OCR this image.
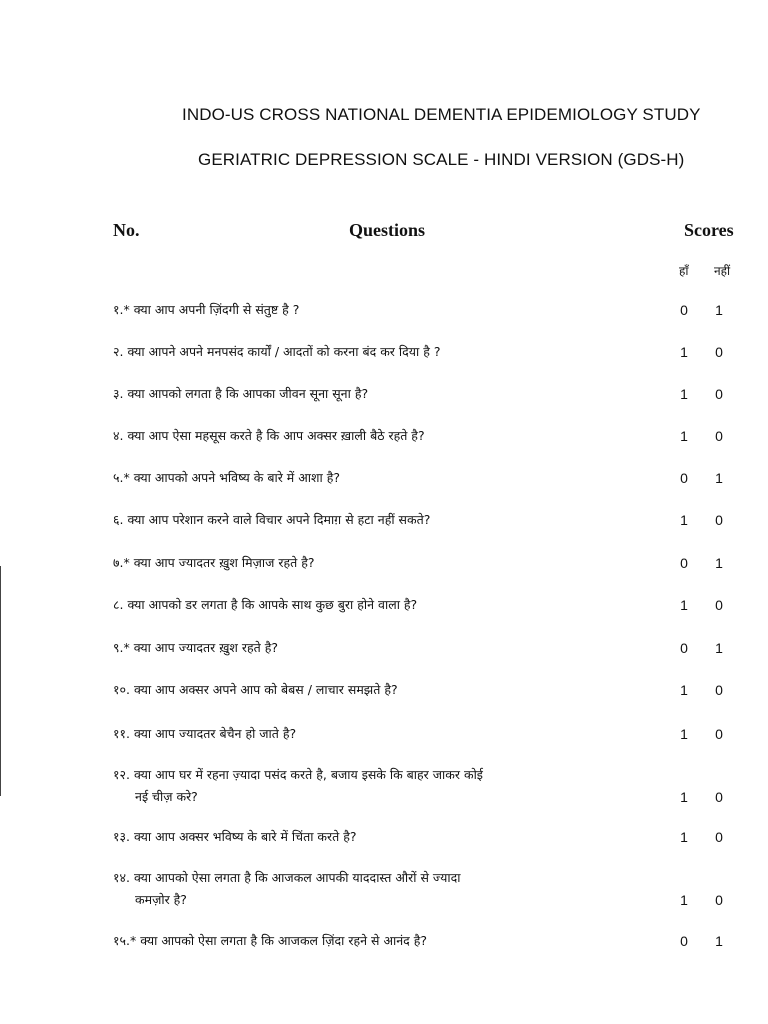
INDO-US CROSS NATIONAL DEMENTIA EPIDEMIOLOGY STUDY
GERIATRIC DEPRESSION SCALE - HINDI VERSION (GDS-H)
No.	Questions	Scores
हाँ नहीं
१.* क्या आप अपनी ज़िंदगी से संतुष्ट है ?	0 1
२. क्या आपने अपने मनपसंद कार्यों / आदतों को करना बंद कर दिया है ?	1 0
३. क्या आपको लगता है कि आपका जीवन सूना सूना है?	1 0
४. क्या आप ऐसा महसूस करते है कि आप अक्सर ख़ाली बैठे रहते है?	1 0
५.* क्या आपको अपने भविष्य के बारे में आशा है?	0 1
६. क्या आप परेशान करने वाले विचार अपने दिमाग़ से हटा नहीं सकते?	1 0
७.* क्या आप ज्यादतर ख़ुश मिज़ाज रहते है?	0 1
८. क्या आपको डर लगता है कि आपके साथ कुछ बुरा होने वाला है?	1 0
९.* क्या आप ज्यादतर ख़ुश रहते है?	0 1
१०. क्या आप अक्सर अपने आप को बेबस / लाचार समझते है?	1 0
११. क्या आप ज्यादतर बेचैन हो जाते है?	1 0
१२. क्या आप घर में रहना ज़्यादा पसंद करते है, बजाय इसके कि बाहर जाकर कोई
नई चीज़ करे?	1 0
१३. क्या आप अक्सर भविष्य के बारे में चिंता करते है?	1 0
१४. क्या आपको ऐसा लगता है कि आजकल आपकी याददास्त औरों से ज्यादा
कमज़ोर है?	1 0
१५.* क्या आपको ऐसा लगता है कि आजकल ज़िंदा रहने से आनंद है?	0 1
